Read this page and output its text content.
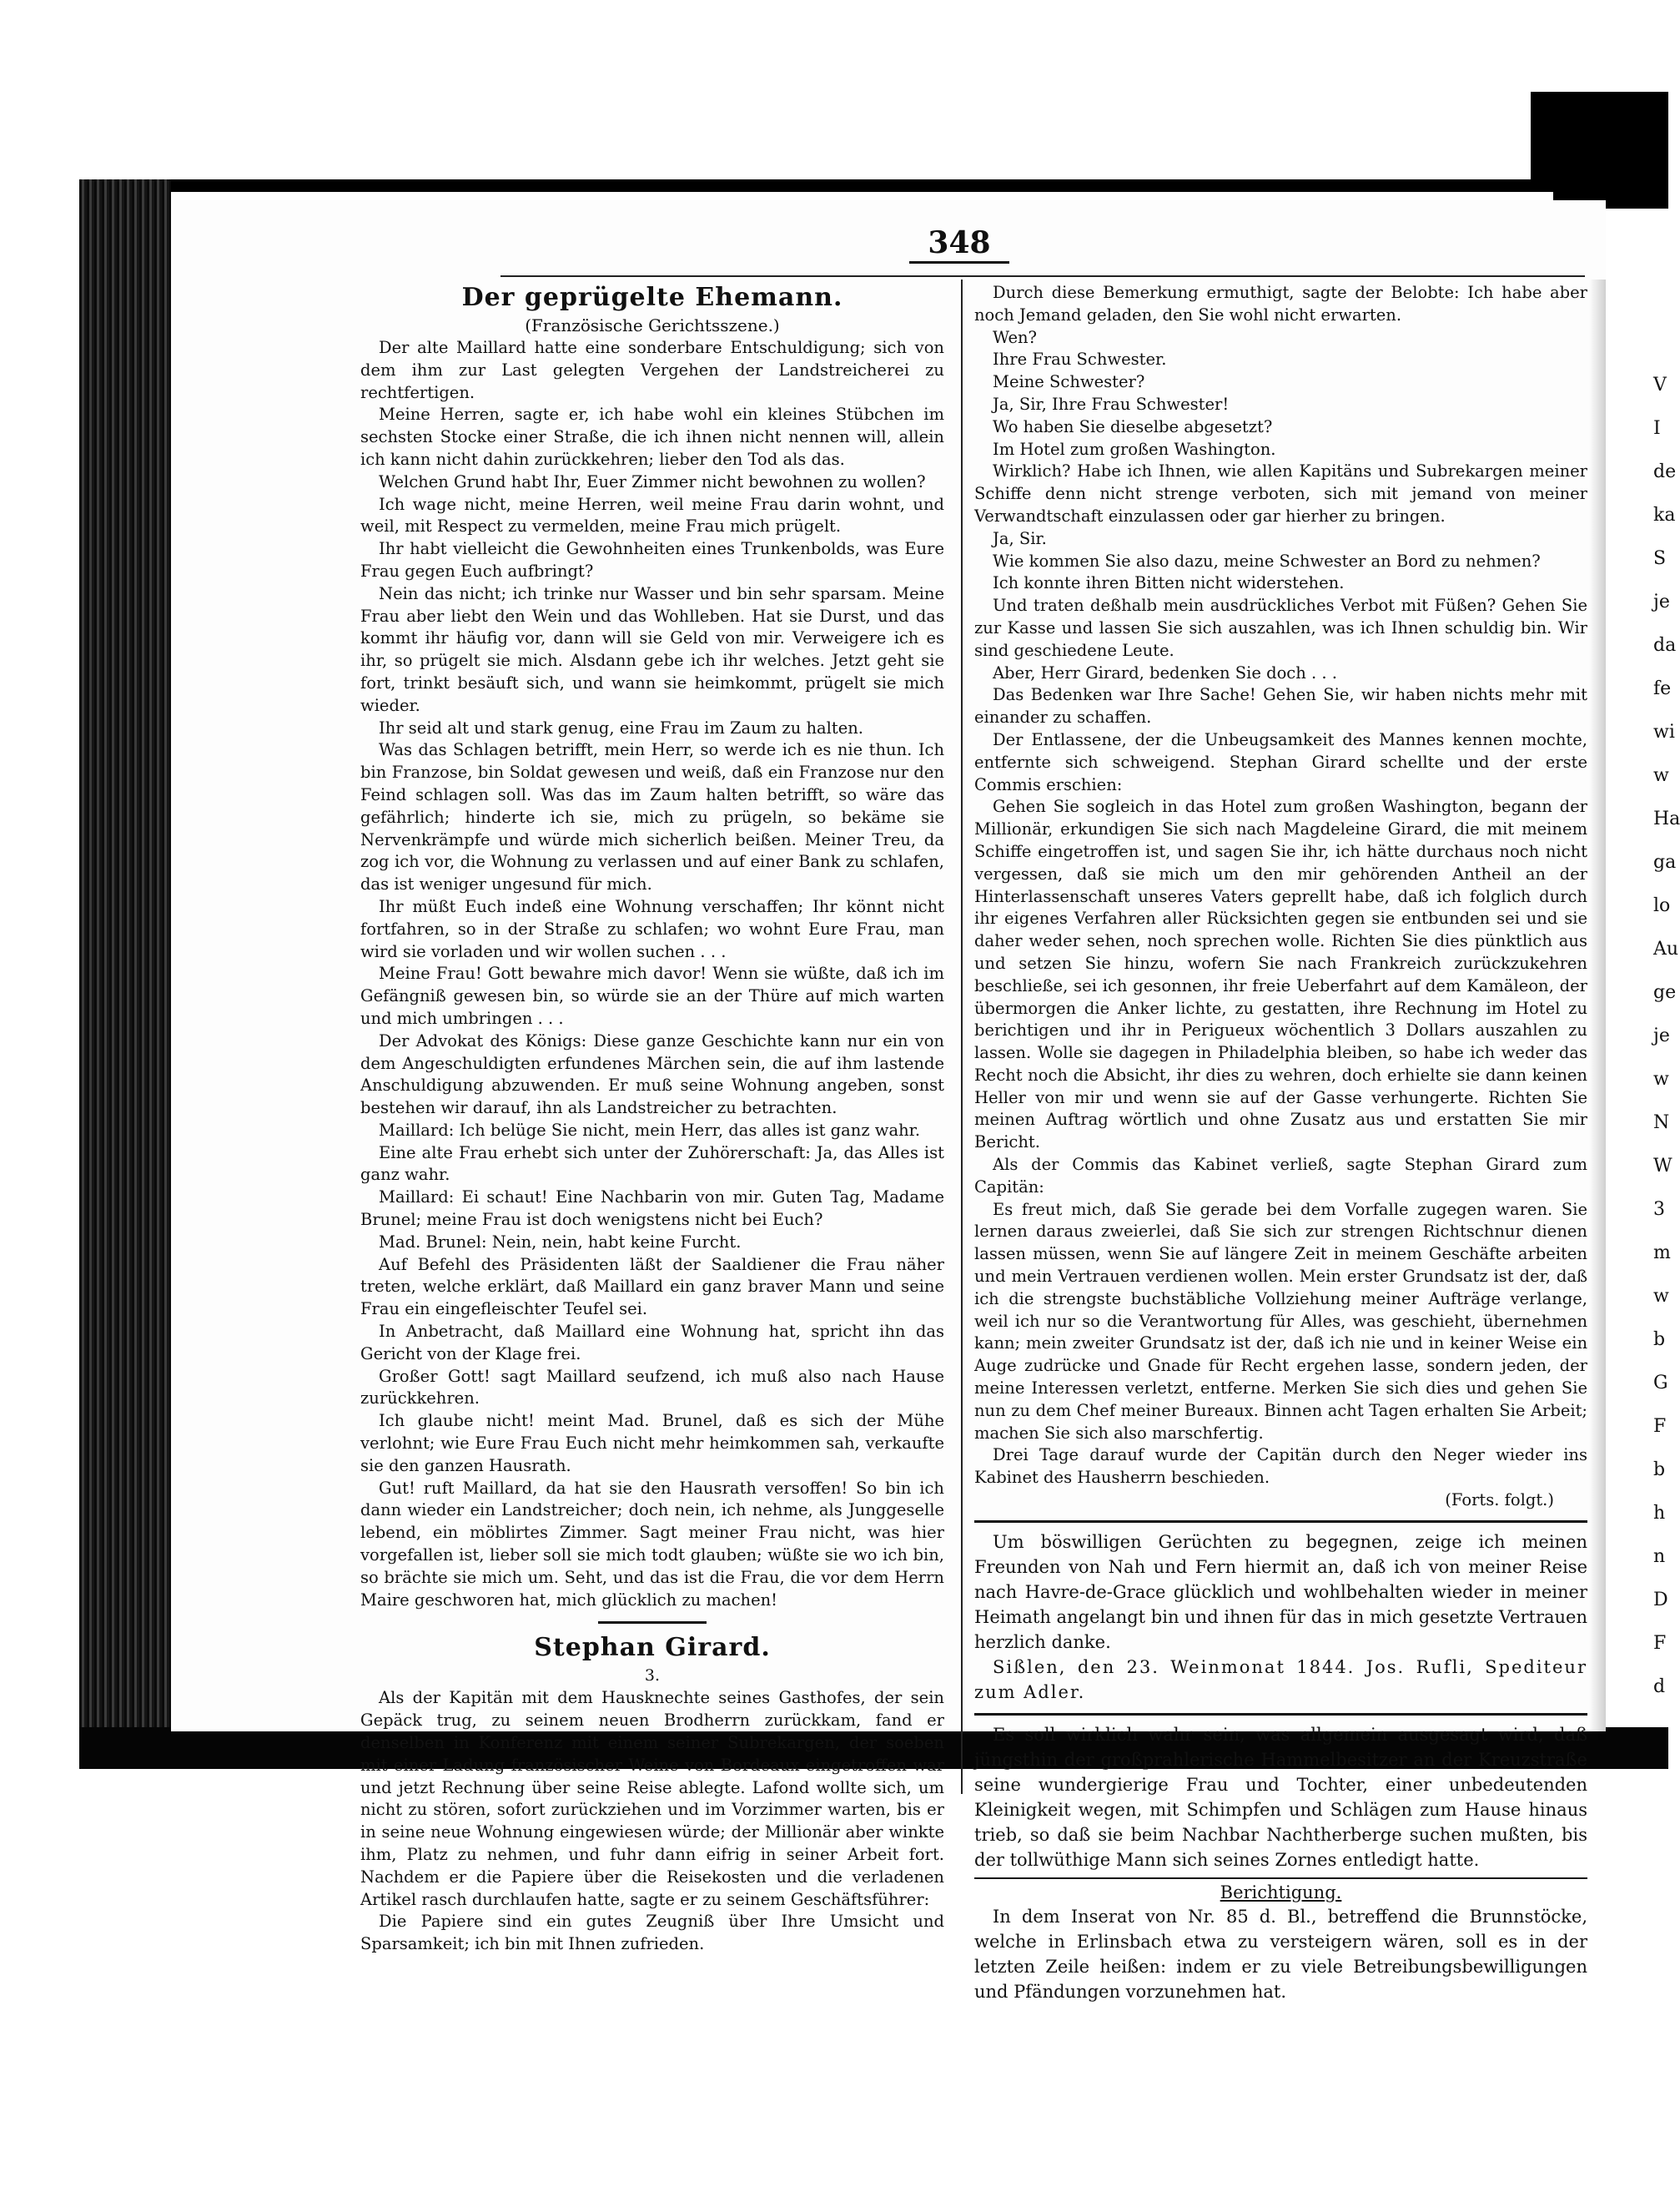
348
Der geprügelte Ehemann.
(Französische Gerichtsszene.)

Der alte Maillard hatte eine sonderbare Entschuldigung; sich von dem ihm zur Last gelegten Vergehen der Landstreicherei zu rechtfertigen.

Meine Herren, sagte er, ich habe wohl ein kleines Stübchen im sechsten Stocke einer Straße, die ich ihnen nicht nennen will, allein ich kann nicht dahin zurückkehren; lieber den Tod als das.

Welchen Grund habt Ihr, Euer Zimmer nicht bewohnen zu wollen?

Ich wage nicht, meine Herren, weil meine Frau darin wohnt, und weil, mit Respect zu vermelden, meine Frau mich prügelt.

Ihr habt vielleicht die Gewohnheiten eines Trunkenbolds, was Eure Frau gegen Euch aufbringt?

Nein das nicht; ich trinke nur Wasser und bin sehr sparsam. Meine Frau aber liebt den Wein und das Wohlleben. Hat sie Durst, und das kommt ihr häufig vor, dann will sie Geld von mir. Verweigere ich es ihr, so prügelt sie mich. Alsdann gebe ich ihr welches. Jetzt geht sie fort, trinkt besäuft sich, und wann sie heimkommt, prügelt sie mich wieder.

Ihr seid alt und stark genug, eine Frau im Zaum zu halten.

Was das Schlagen betrifft, mein Herr, so werde ich es nie thun. Ich bin Franzose, bin Soldat gewesen und weiß, daß ein Franzose nur den Feind schlagen soll. Was das im Zaum halten betrifft, so wäre das gefährlich; hinderte ich sie, mich zu prügeln, so bekäme sie Nervenkrämpfe und würde mich sicherlich beißen. Meiner Treu, da zog ich vor, die Wohnung zu verlassen und auf einer Bank zu schlafen, das ist weniger ungesund für mich.

Ihr müßt Euch indeß eine Wohnung verschaffen; Ihr könnt nicht fortfahren, so in der Straße zu schlafen; wo wohnt Eure Frau, man wird sie vorladen und wir wollen suchen . . .

Meine Frau! Gott bewahre mich davor! Wenn sie wüßte, daß ich im Gefängniß gewesen bin, so würde sie an der Thüre auf mich warten und mich umbringen . . .

Der Advokat des Königs: Diese ganze Geschichte kann nur ein von dem Angeschuldigten erfundenes Märchen sein, die auf ihm lastende Anschuldigung abzuwenden. Er muß seine Wohnung angeben, sonst bestehen wir darauf, ihn als Landstreicher zu betrachten.

Maillard: Ich belüge Sie nicht, mein Herr, das alles ist ganz wahr.

Eine alte Frau erhebt sich unter der Zuhörerschaft: Ja, das Alles ist ganz wahr.

Maillard: Ei schaut! Eine Nachbarin von mir. Guten Tag, Madame Brunel; meine Frau ist doch wenigstens nicht bei Euch?

Mad. Brunel: Nein, nein, habt keine Furcht.

Auf Befehl des Präsidenten läßt der Saaldiener die Frau näher treten, welche erklärt, daß Maillard ein ganz braver Mann und seine Frau ein eingefleischter Teufel sei.

In Anbetracht, daß Maillard eine Wohnung hat, spricht ihn das Gericht von der Klage frei.

Großer Gott! sagt Maillard seufzend, ich muß also nach Hause zurückkehren.

Ich glaube nicht! meint Mad. Brunel, daß es sich der Mühe verlohnt; wie Eure Frau Euch nicht mehr heimkommen sah, verkaufte sie den ganzen Hausrath.

Gut! ruft Maillard, da hat sie den Hausrath versoffen! So bin ich dann wieder ein Landstreicher; doch nein, ich nehme, als Junggeselle lebend, ein möblirtes Zimmer. Sagt meiner Frau nicht, was hier vorgefallen ist, lieber soll sie mich todt glauben; wüßte sie wo ich bin, so brächte sie mich um. Seht, und das ist die Frau, die vor dem Herrn Maire geschworen hat, mich glücklich zu machen!

Stephan Girard.
3.

Als der Kapitän mit dem Hausknechte seines Gasthofes, der sein Gepäck trug, zu seinem neuen Brodherrn zurückkam, fand er denselben in Konferenz mit einem seiner Subrekargen, der soeben mit einer Ladung französischer Weine von Bordeaux eingetroffen war und jetzt Rechnung über seine Reise ablegte. Lafond wollte sich, um nicht zu stören, sofort zurückziehen und im Vorzimmer warten, bis er in seine neue Wohnung eingewiesen würde; der Millionär aber winkte ihm, Platz zu nehmen, und fuhr dann eifrig in seiner Arbeit fort. Nachdem er die Papiere über die Reisekosten und die verladenen Artikel rasch durchlaufen hatte, sagte er zu seinem Geschäftsführer:

Die Papiere sind ein gutes Zeugniß über Ihre Umsicht und Sparsamkeit; ich bin mit Ihnen zufrieden.

Durch diese Bemerkung ermuthigt, sagte der Belobte: Ich habe aber noch Jemand geladen, den Sie wohl nicht erwarten.

Wen?

Ihre Frau Schwester.

Meine Schwester?

Ja, Sir, Ihre Frau Schwester!

Wo haben Sie dieselbe abgesetzt?

Im Hotel zum großen Washington.

Wirklich? Habe ich Ihnen, wie allen Kapitäns und Subrekargen meiner Schiffe denn nicht strenge verboten, sich mit jemand von meiner Verwandtschaft einzulassen oder gar hierher zu bringen.

Ja, Sir.

Wie kommen Sie also dazu, meine Schwester an Bord zu nehmen?

Ich konnte ihren Bitten nicht widerstehen.

Und traten deßhalb mein ausdrückliches Verbot mit Füßen? Gehen Sie zur Kasse und lassen Sie sich auszahlen, was ich Ihnen schuldig bin. Wir sind geschiedene Leute.

Aber, Herr Girard, bedenken Sie doch . . .

Das Bedenken war Ihre Sache! Gehen Sie, wir haben nichts mehr mit einander zu schaffen.

Der Entlassene, der die Unbeugsamkeit des Mannes kennen mochte, entfernte sich schweigend. Stephan Girard schellte und der erste Commis erschien:

Gehen Sie sogleich in das Hotel zum großen Washington, begann der Millionär, erkundigen Sie sich nach Magdeleine Girard, die mit meinem Schiffe eingetroffen ist, und sagen Sie ihr, ich hätte durchaus noch nicht vergessen, daß sie mich um den mir gehörenden Antheil an der Hinterlassenschaft unseres Vaters geprellt habe, daß ich folglich durch ihr eigenes Verfahren aller Rücksichten gegen sie entbunden sei und sie daher weder sehen, noch sprechen wolle. Richten Sie dies pünktlich aus und setzen Sie hinzu, wofern Sie nach Frankreich zurückzukehren beschließe, sei ich gesonnen, ihr freie Ueberfahrt auf dem Kamäleon, der übermorgen die Anker lichte, zu gestatten, ihre Rechnung im Hotel zu berichtigen und ihr in Perigueux wöchentlich 3 Dollars auszahlen zu lassen. Wolle sie dagegen in Philadelphia bleiben, so habe ich weder das Recht noch die Absicht, ihr dies zu wehren, doch erhielte sie dann keinen Heller von mir und wenn sie auf der Gasse verhungerte. Richten Sie meinen Auftrag wörtlich und ohne Zusatz aus und erstatten Sie mir Bericht.

Als der Commis das Kabinet verließ, sagte Stephan Girard zum Capitän:

Es freut mich, daß Sie gerade bei dem Vorfalle zugegen waren. Sie lernen daraus zweierlei, daß Sie sich zur strengen Richtschnur dienen lassen müssen, wenn Sie auf längere Zeit in meinem Geschäfte arbeiten und mein Vertrauen verdienen wollen. Mein erster Grundsatz ist der, daß ich die strengste buchstäbliche Vollziehung meiner Aufträge verlange, weil ich nur so die Verantwortung für Alles, was geschieht, übernehmen kann; mein zweiter Grundsatz ist der, daß ich nie und in keiner Weise ein Auge zudrücke und Gnade für Recht ergehen lasse, sondern jeden, der meine Interessen verletzt, entferne. Merken Sie sich dies und gehen Sie nun zu dem Chef meiner Bureaux. Binnen acht Tagen erhalten Sie Arbeit; machen Sie sich also marschfertig.

Drei Tage darauf wurde der Capitän durch den Neger wieder ins Kabinet des Hausherrn beschieden.

(Forts. folgt.)

Um böswilligen Gerüchten zu begegnen, zeige ich meinen Freunden von Nah und Fern hiermit an, daß ich von meiner Reise nach Havre-de-Grace glücklich und wohlbehalten wieder in meiner Heimath angelangt bin und ihnen für das in mich gesetzte Vertrauen herzlich danke.

Sißlen, den 23. Weinmonat 1844. Jos. Rufli, Spediteur zum Adler.

Es soll wirklich wahr sein, was allgemein ausgesagt wird, daß jüngsthin der großprahlerische Hammelbesitzer an der Kreuzstraße seine wundergierige Frau und Tochter, einer unbedeutenden Kleinigkeit wegen, mit Schimpfen und Schlägen zum Hause hinaus trieb, so daß sie beim Nachbar Nachtherberge suchen mußten, bis der tollwüthige Mann sich seines Zornes entledigt hatte.

Berichtigung.

In dem Inserat von Nr. 85 d. Bl., betreffend die Brunnstöcke, welche in Erlinsbach etwa zu versteigern wären, soll es in der letzten Zeile heißen: indem er zu viele Betreibungsbewilligungen und Pfändungen vorzunehmen hat.

V
I
de
ka
S
je
da
fe
wi
w
Ha
ga
lo
Au
ge
je
w
N
W
3
m
w
b
G
F
b
h
n
D
F
d
